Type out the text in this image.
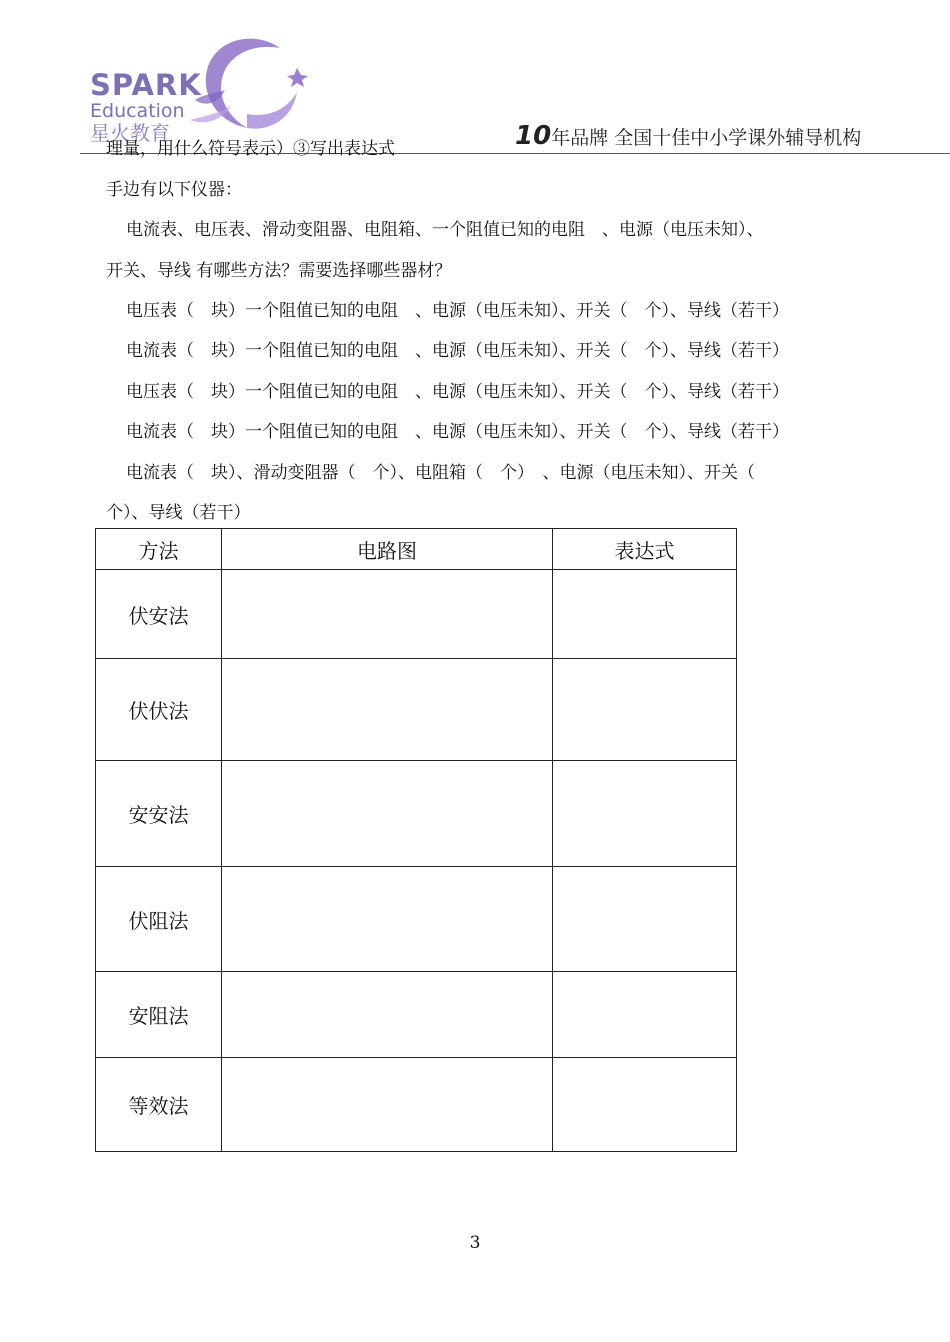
SPARK
Education
星火教育	10年品牌 全国十佳中小学课外辅导机构
理量，用什么符号表示）③写出表达式
手边有以下仪器：
电流表、电压表、滑动变阻器、电阻箱、一个阻值已知的电阻　、电源（电压未知）、
开关、导线 有哪些方法？需要选择哪些器材？
电压表（　块）一个阻值已知的电阻　、电源（电压未知）、开关（　个）、导线（若干）
电流表（　块）一个阻值已知的电阻　、电源（电压未知）、开关（　个）、导线（若干）
电压表（　块）一个阻值已知的电阻　、电源（电压未知）、开关（　个）、导线（若干）
电流表（　块）一个阻值已知的电阻　、电源（电压未知）、开关（　个）、导线（若干）
电流表（　块）、滑动变阻器（　个）、电阻箱（　个）　、电源（电压未知）、开关（
个）、导线（若干）
方法	电路图	表达式
伏安法		
伏伏法		
安安法		
伏阻法		
安阻法		
等效法		
3
